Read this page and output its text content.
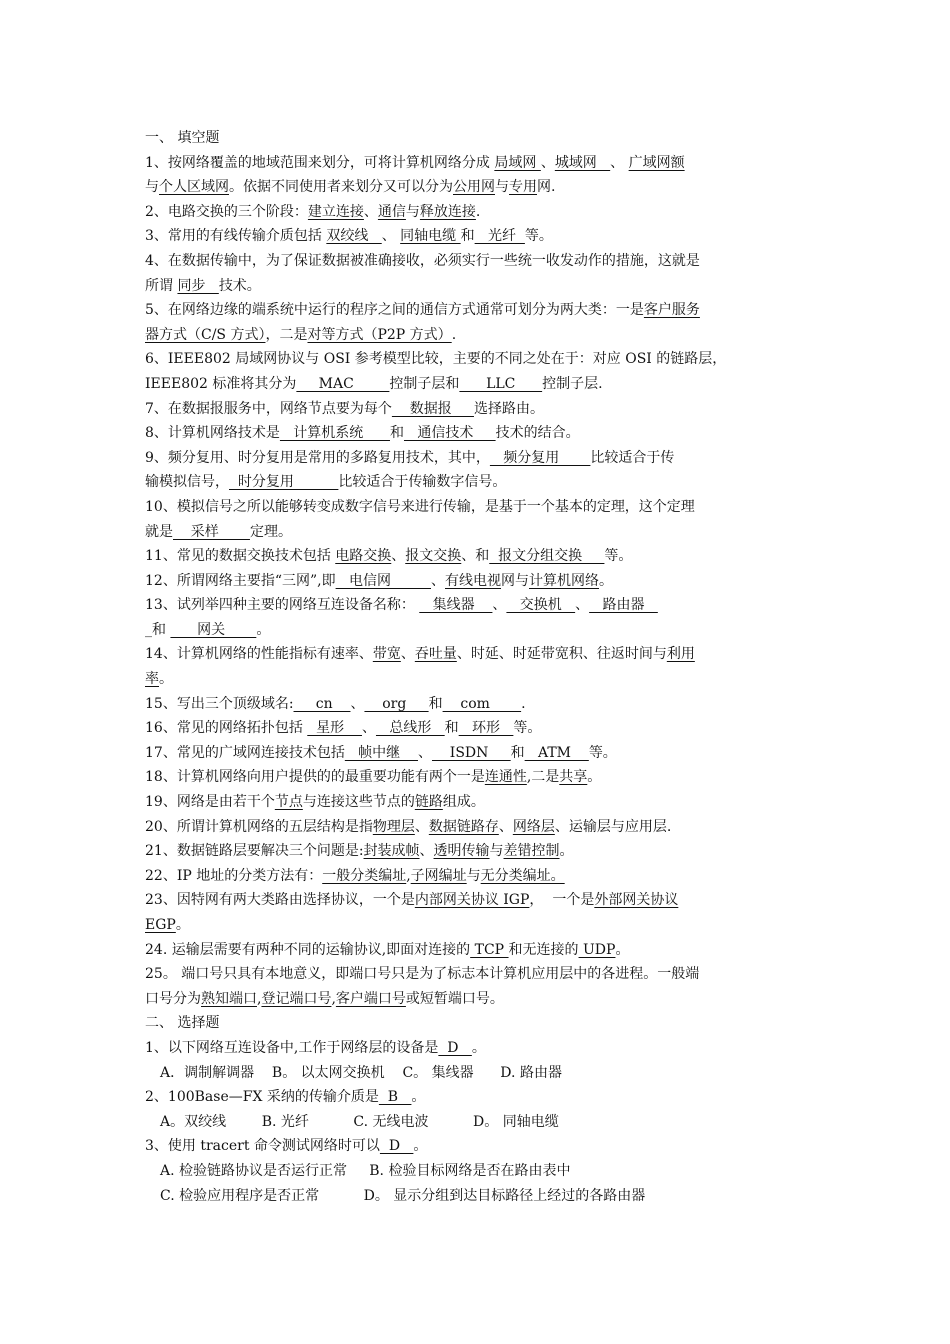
一、 填空题
1、按网络覆盖的地域范围来划分，可将计算机网络分成 局域网 、城域网   、 广域网额
与个人区域网。依据不同使用者来划分又可以分为公用网与专用网.
2、电路交换的三个阶段：建立连接、通信与释放连接.
3、常用的有线传输介质包括 双绞线   、 同轴电缆 和   光纤  等。
4、在数据传输中，为了保证数据被准确接收，必须实行一些统一收发动作的措施，这就是
所谓 同步   技术。
5、在网络边缘的端系统中运行的程序之间的通信方式通常可划分为两大类：一是客户服务
器方式（C/S 方式），二是对等方式（P2P 方式）.
6、IEEE802 局域网协议与 OSI 参考模型比较，主要的不同之处在于：对应 OSI 的链路层，
IEEE802 标准将其分为     MAC        控制子层和      LLC      控制子层.
7、在数据报服务中，网络节点要为每个    数据报     选择路由。
8、计算机网络技术是   计算机系统      和   通信技术     技术的结合。
9、频分复用、时分复用是常用的多路复用技术，其中，   频分复用       比较适合于传
输模拟信号，  时分复用          比较适合于传输数字信号。
10、模拟信号之所以能够转变成数字信号来进行传输，是基于一个基本的定理，这个定理
就是    采样       定理。
11、常见的数据交换技术包括 电路交换、报文交换、和  报文分组交换     等。
12、所谓网络主要指“三网”,即   电信网         、有线电视网与计算机网络。
13、试列举四种主要的网络互连设备名称：    集线器    、   交换机   、   路由器
_和       网关       。
14、计算机网络的性能指标有速率、带宽、吞吐量、时延、时延带宽积、往返时间与利用
率。
15、写出三个顶级域名:     cn    、    org     和    com       .
16、常见的网络拓扑包括   星形    、   总线形   和   环形   等。
17、常见的广域网连接技术包括   帧中继    、    ISDN     和   ATM    等。
18、计算机网络向用户提供的的最重要功能有两个一是连通性,二是共享。
19、网络是由若干个节点与连接这些节点的链路组成。
20、所谓计算机网络的五层结构是指物理层、数据链路存、网络层、运输层与应用层.
21、数据链路层要解决三个问题是:封装成帧、透明传输与差错控制。
22、IP 地址的分类方法有：一般分类编址,子网编址与无分类编址。
23、因特网有两大类路由选择协议，一个是内部网关协议 IGP，  一个是外部网关协议
EGP。
24. 运输层需要有两种不同的运输协议,即面对连接的 TCP 和无连接的 UDP。
25。 端口号只具有本地意义，即端口号只是为了标志本计算机应用层中的各进程。一般端
口号分为熟知端口,登记端口号,客户端口号或短暂端口号。
二、 选择题
1、以下网络互连设备中,工作于网络层的设备是  D   。
A．调制解调器    B。 以太网交换机    C。 集线器      D. 路由器
2、100Base—FX 采纳的传输介质是  B   。
A。双绞线        B. 光纤          C. 无线电波          D。 同轴电缆
3、使用 tracert 命令测试网络时可以  D   。
A. 检验链路协议是否运行正常     B. 检验目标网络是否在路由表中
C. 检验应用程序是否正常          D。 显示分组到达目标路径上经过的各路由器
